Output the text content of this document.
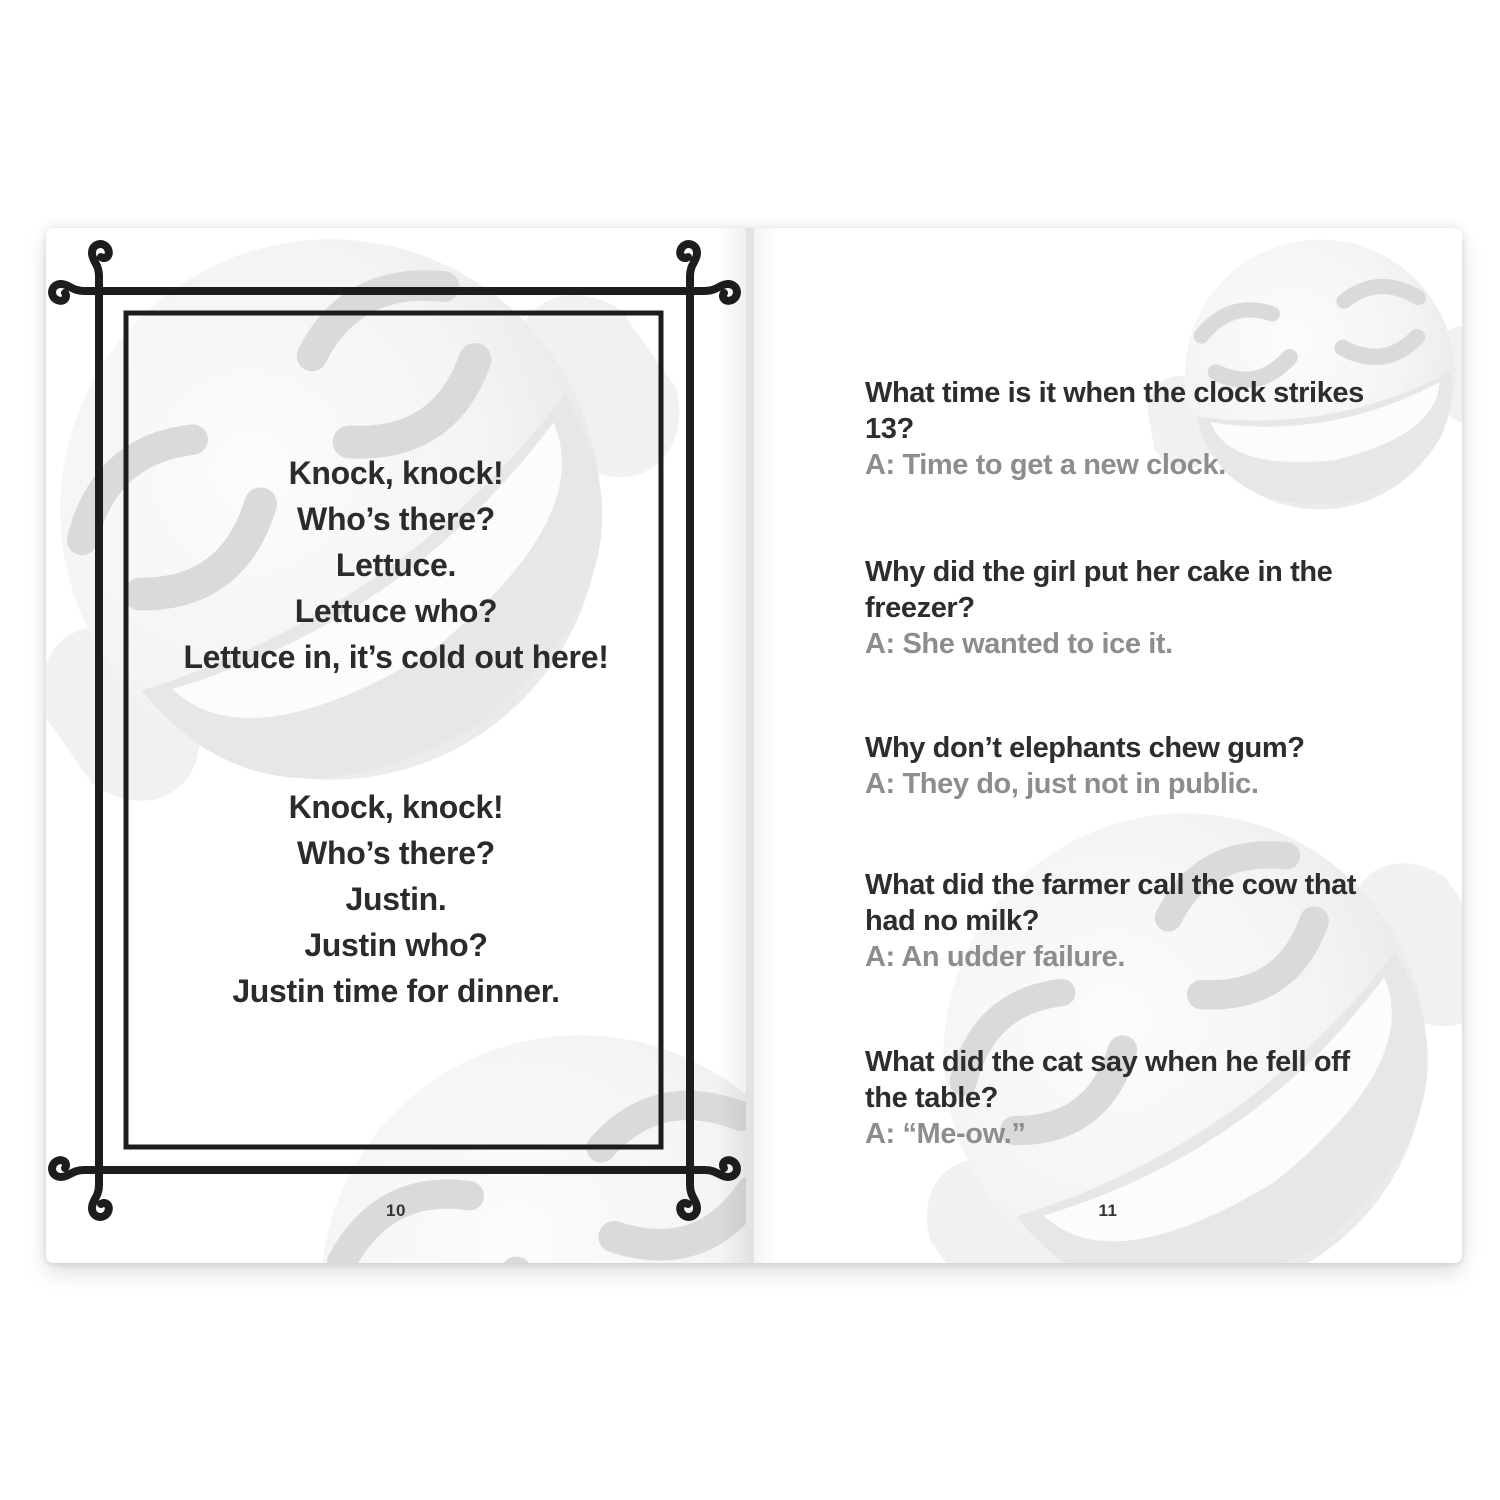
Knock, knock!
Who’s there?
Lettuce.
Lettuce who?
Lettuce in, it’s cold out here!
Knock, knock!
Who’s there?
Justin.
Justin who?
Justin time for dinner.
10
What time is it when the clock strikes
13?
A: Time to get a new clock.
Why did the girl put her cake in the
freezer?
A: She wanted to ice it.
Why don’t elephants chew gum?
A: They do, just not in public.
What did the farmer call the cow that
had no milk?
A: An udder failure.
What did the cat say when he fell off
the table?
A: “Me-ow.”
11
